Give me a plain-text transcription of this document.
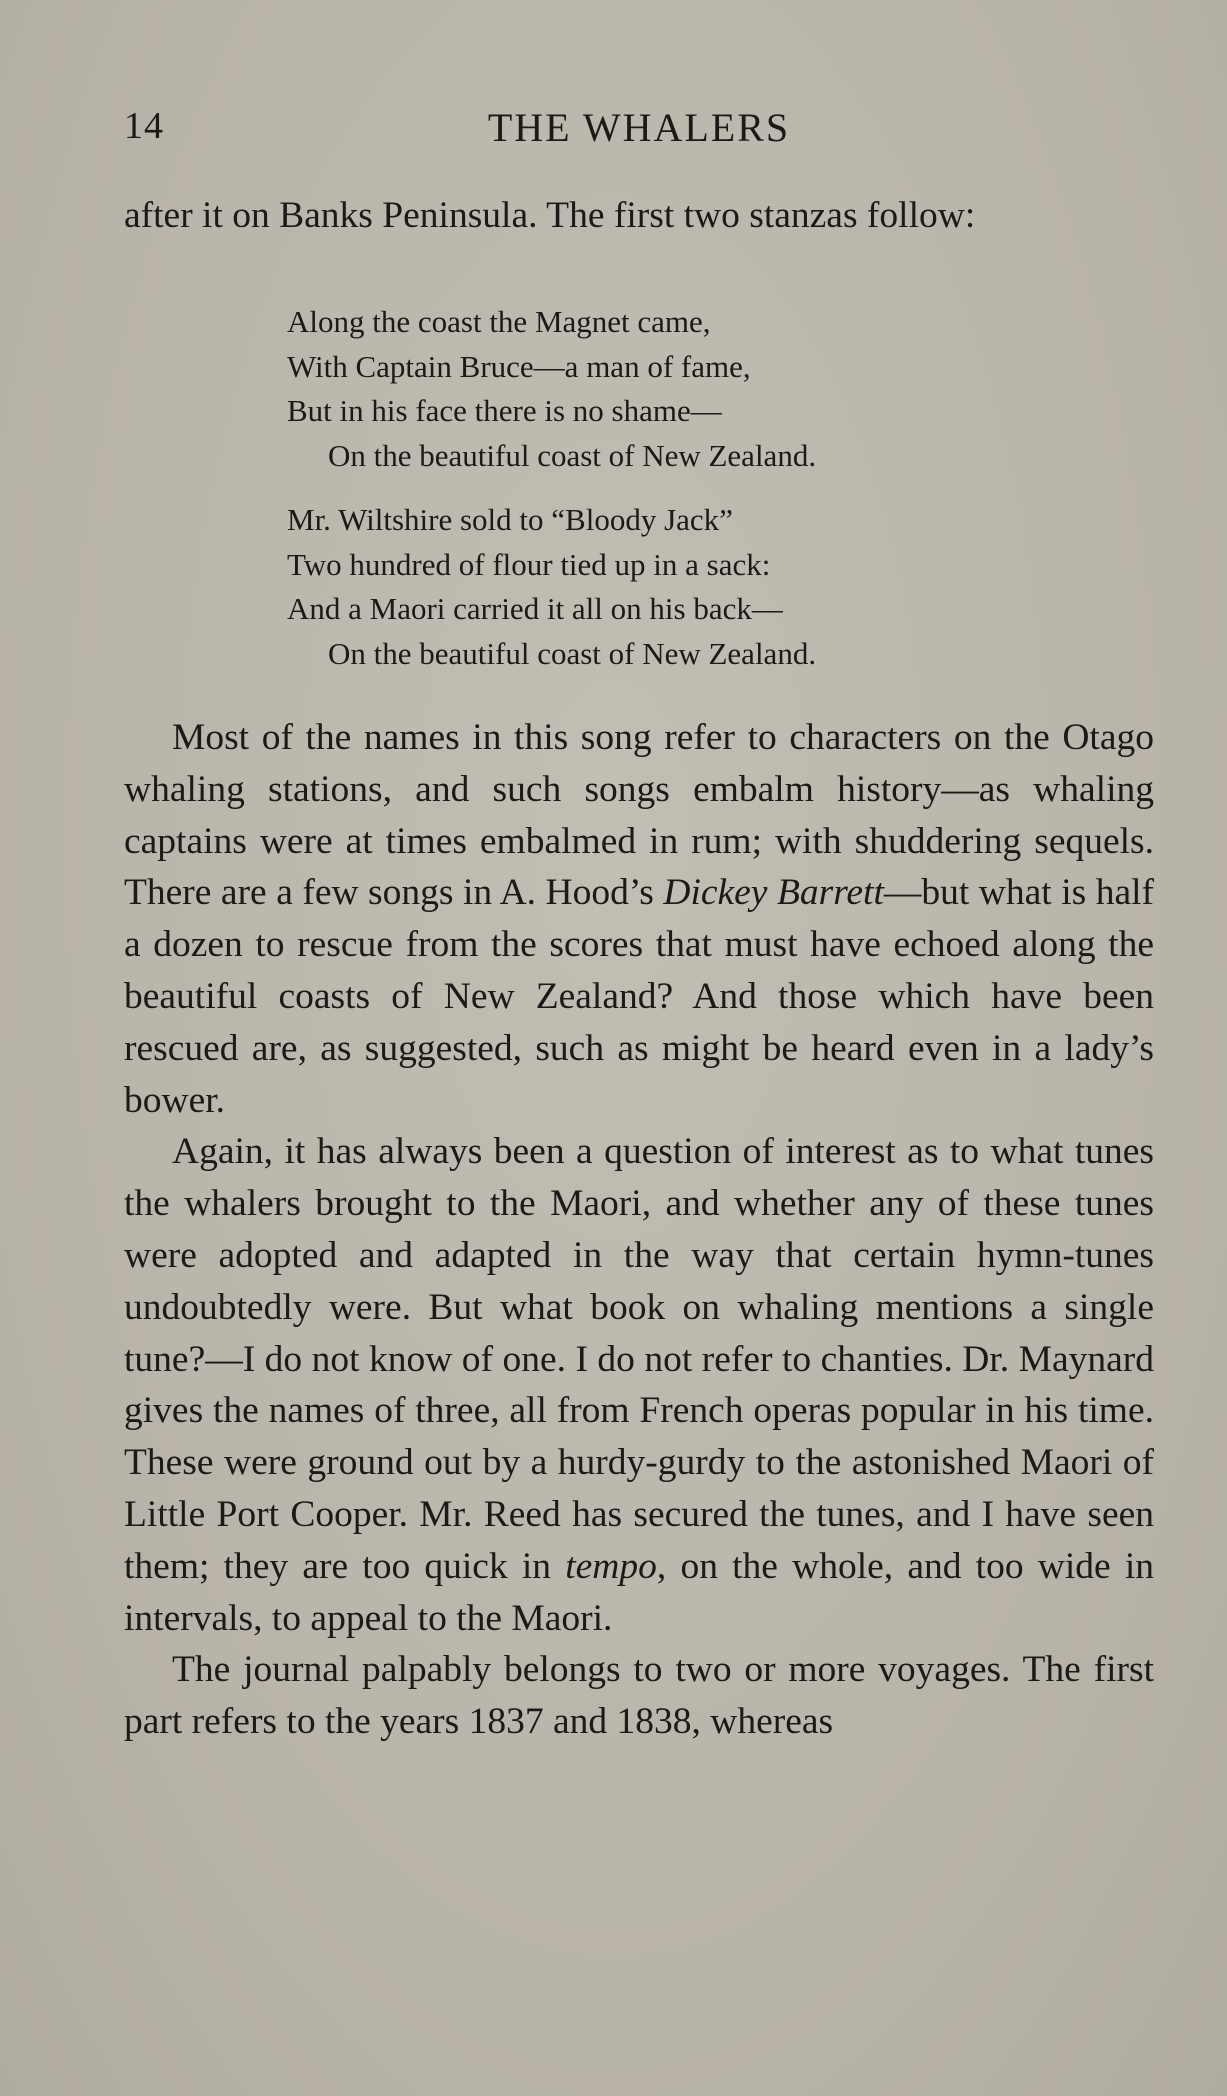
14	THE WHALERS

after it on Banks Peninsula. The first two stanzas follow:

Along the coast the Magnet came,
With Captain Bruce—a man of fame,
But in his face there is no shame—
On the beautiful coast of New Zealand.
Mr. Wiltshire sold to “Bloody Jack”
Two hundred of flour tied up in a sack:
And a Maori carried it all on his back—
On the beautiful coast of New Zealand.

Most of the names in this song refer to characters on the Otago whaling stations, and such songs embalm history—as whaling captains were at times embalmed in rum; with shuddering sequels. There are a few songs in A. Hood’s Dickey Barrett—but what is half a dozen to rescue from the scores that must have echoed along the beautiful coasts of New Zealand? And those which have been rescued are, as suggested, such as might be heard even in a lady’s bower.

Again, it has always been a question of interest as to what tunes the whalers brought to the Maori, and whether any of these tunes were adopted and adapted in the way that certain hymn-tunes undoubtedly were. But what book on whaling mentions a single tune?—I do not know of one. I do not refer to chanties. Dr. Maynard gives the names of three, all from French operas popular in his time. These were ground out by a hurdy-gurdy to the astonished Maori of Little Port Cooper. Mr. Reed has secured the tunes, and I have seen them; they are too quick in tempo, on the whole, and too wide in intervals, to appeal to the Maori.

The journal palpably belongs to two or more voyages. The first part refers to the years 1837 and 1838, whereas
